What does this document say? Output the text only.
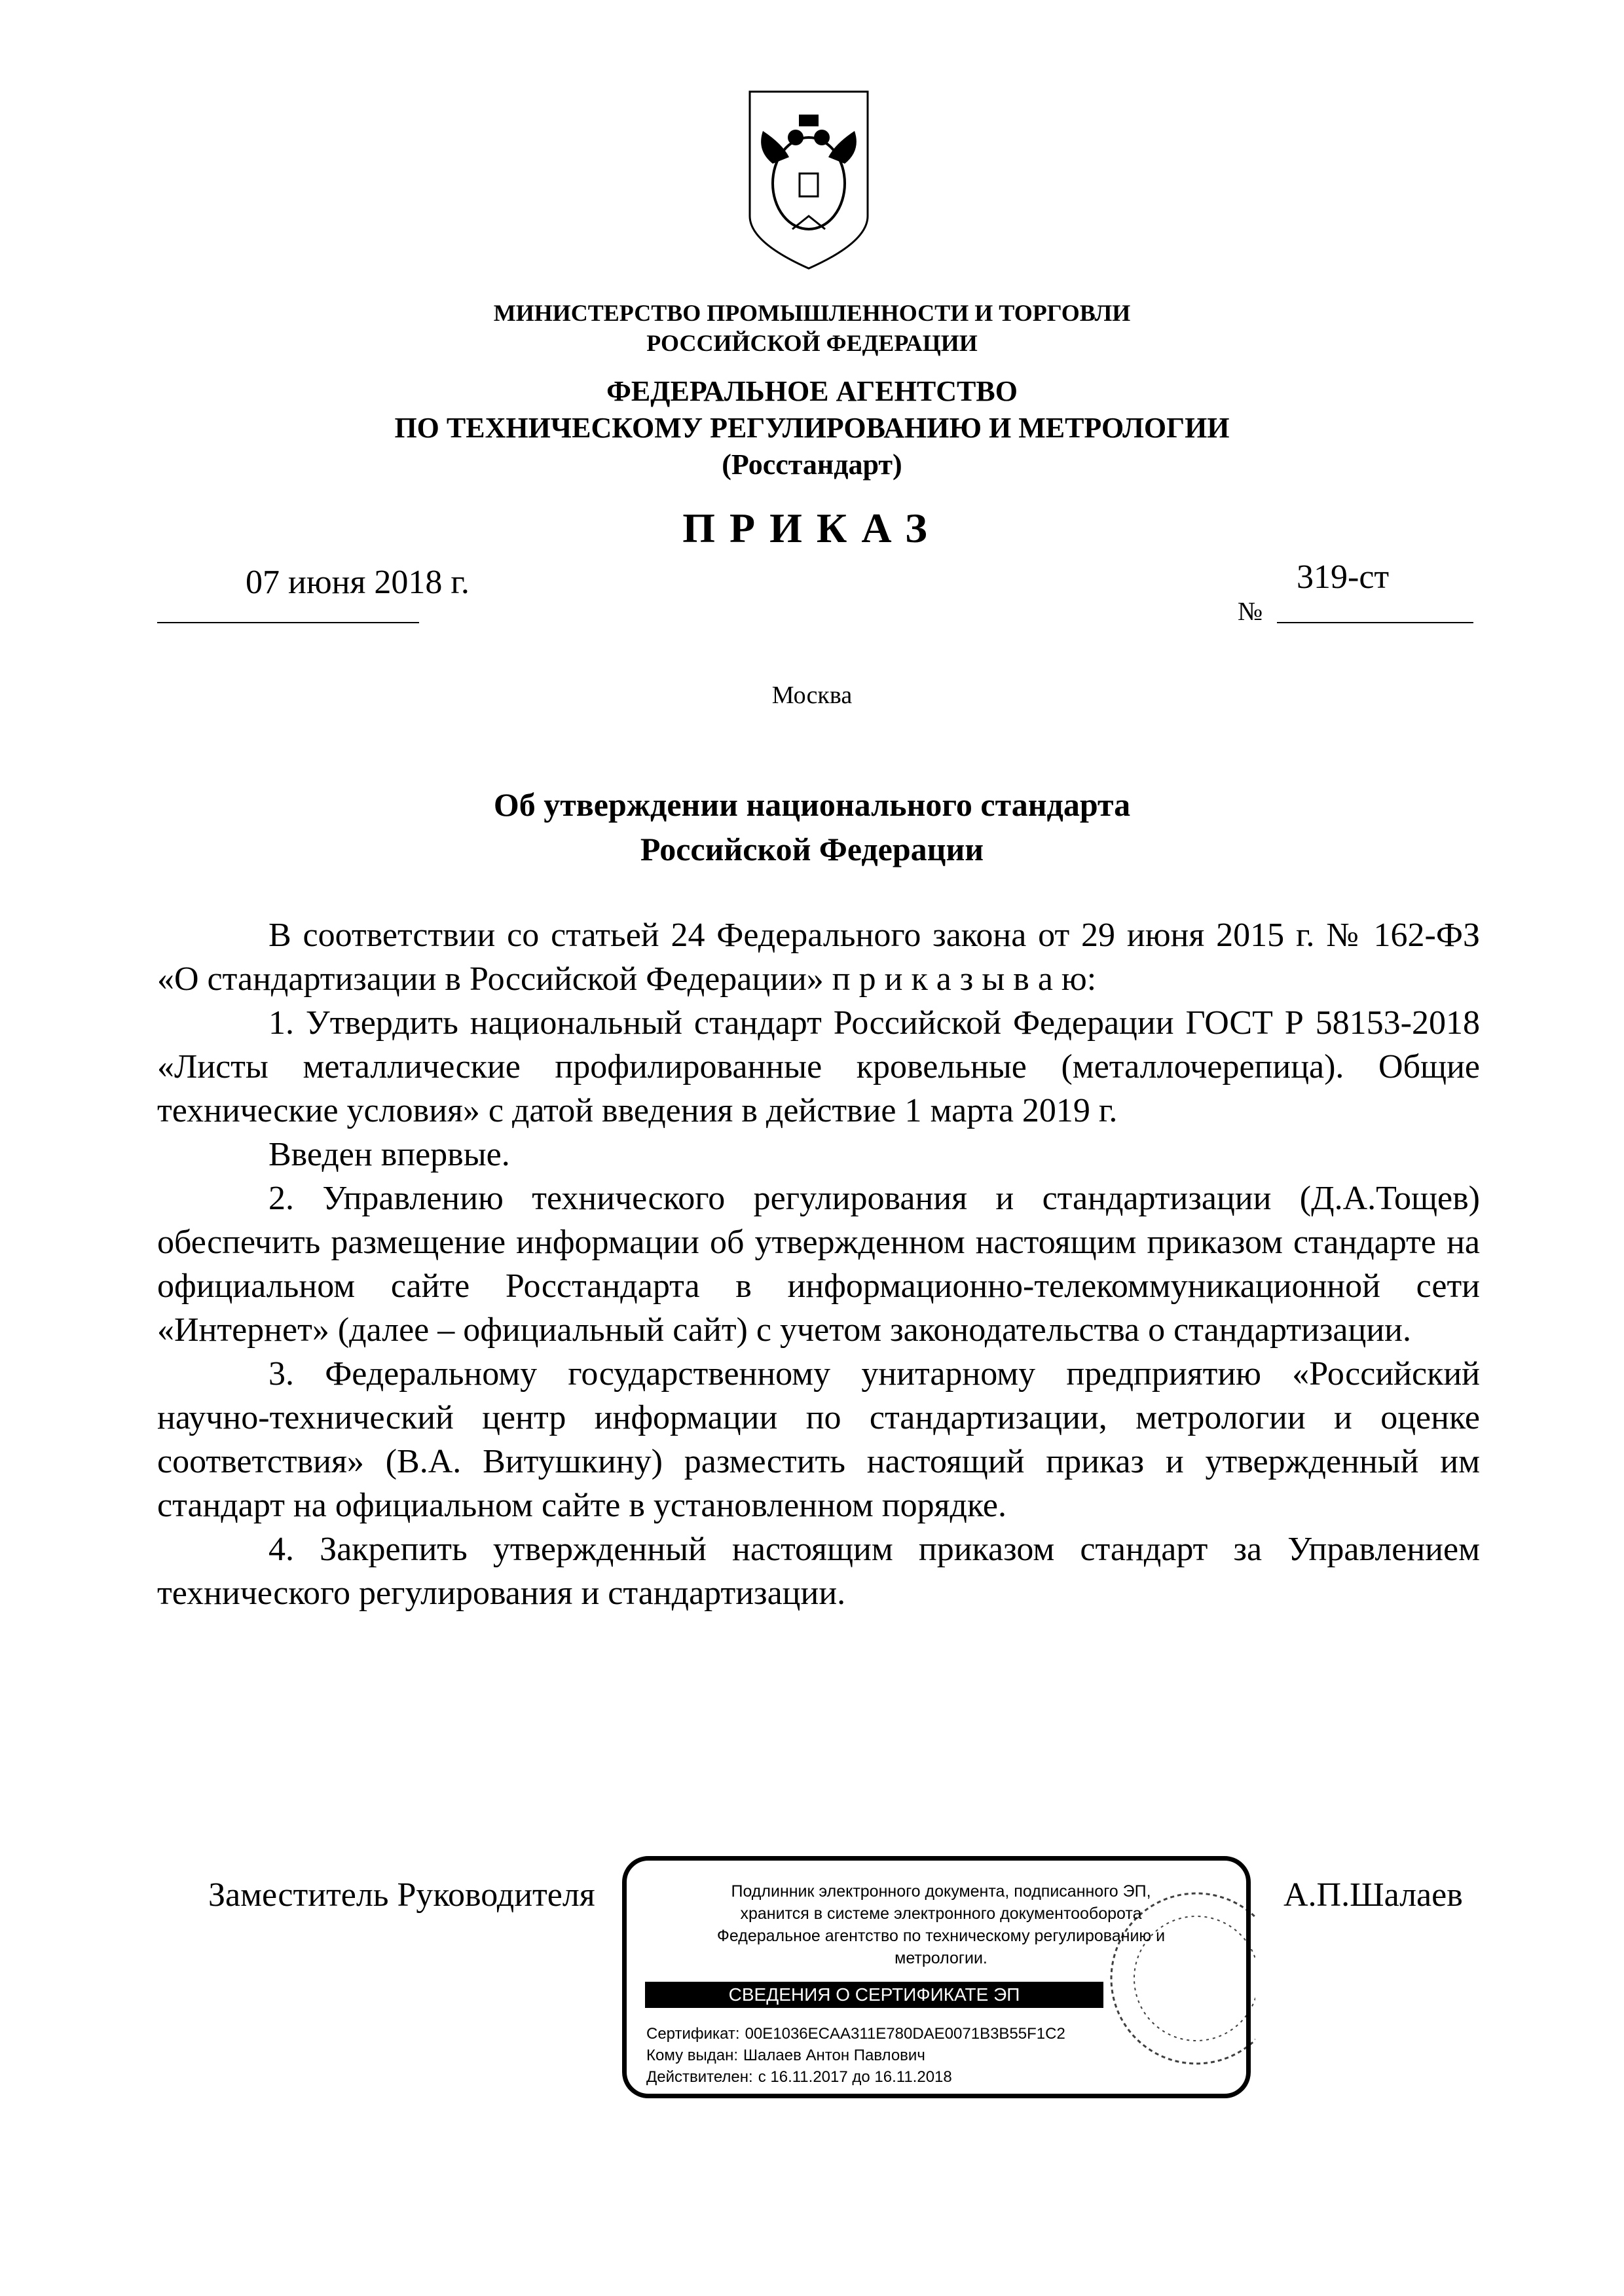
МИНИСТЕРСТВО ПРОМЫШЛЕННОСТИ И ТОРГОВЛИ
РОССИЙСКОЙ ФЕДЕРАЦИИ
ФЕДЕРАЛЬНОЕ АГЕНТСТВО
ПО ТЕХНИЧЕСКОМУ РЕГУЛИРОВАНИЮ И МЕТРОЛОГИИ
(Росстандарт)
ПРИКАЗ
07 июня 2018 г.
№
319-ст
Москва
Об утверждении национального стандарта
Российской Федерации

В соответствии со статьей 24 Федерального закона от 29 июня 2015 г. № 162-ФЗ «О стандартизации в Российской Федерации» п р и к а з ы в а ю:

1. Утвердить национальный стандарт Российской Федерации ГОСТ Р 58153-2018 «Листы металлические профилированные кровельные (металлочерепица). Общие технические условия» с датой введения в действие 1 марта 2019 г.

Введен впервые.

2. Управлению технического регулирования и стандартизации (Д.А.Тощев) обеспечить размещение информации об утвержденном настоящим приказом стандарте на официальном сайте Росстандарта в информационно-телекоммуникационной сети «Интернет» (далее – официальный сайт) с учетом законодательства о стандартизации.

3. Федеральному государственному унитарному предприятию «Российский научно-технический центр информации по стандартизации, метрологии и оценке соответствия» (В.А. Витушкину) разместить настоящий приказ и утвержденный им стандарт на официальном сайте в установленном порядке.

4. Закрепить утвержденный настоящим приказом стандарт за Управлением технического регулирования и стандартизации.

Заместитель Руководителя	А.П.Шалаев
Подлинник электронного документа, подписанного ЭП,
хранится в системе электронного документооборота
Федеральное агентство по техническому регулированию и
метрологии.
СВЕДЕНИЯ О СЕРТИФИКАТЕ ЭП
Сертификат: 00E1036ECAA311E780DAE0071B3B55F1C2
Кому выдан: Шалаев Антон Павлович
Действителен: с 16.11.2017 до 16.11.2018
